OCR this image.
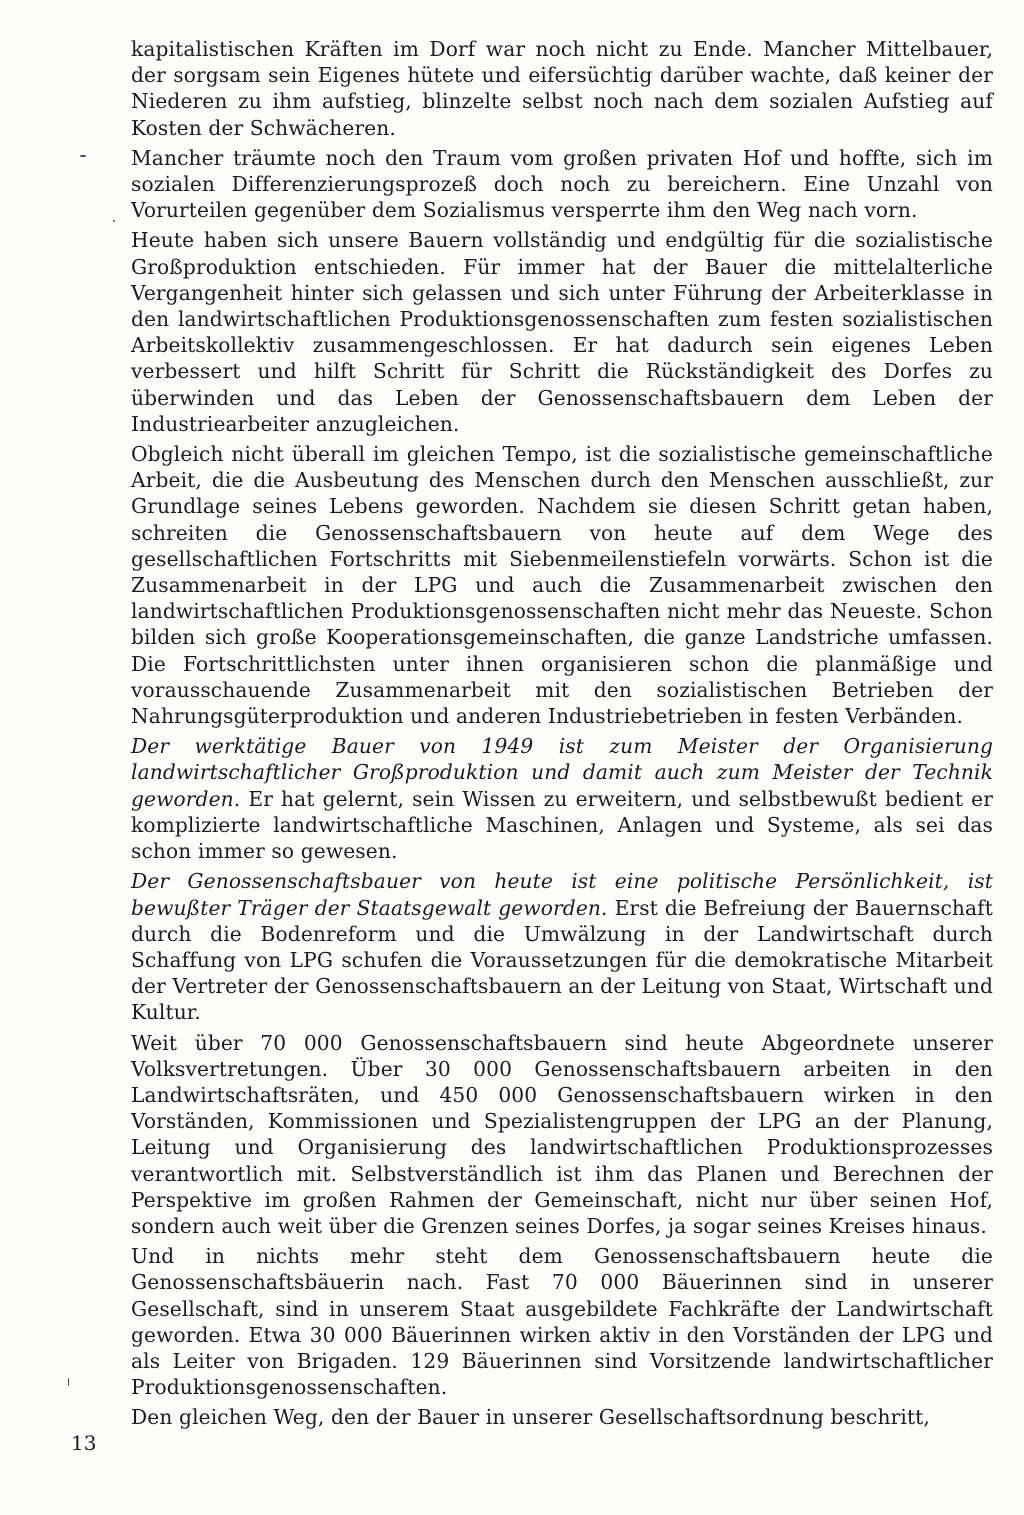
kapitalistischen Kräften im Dorf war noch nicht zu Ende. Mancher Mittelbauer, der sorgsam sein Eigenes hütete und eifersüchtig darüber wachte, daß keiner der Niederen zu ihm aufstieg, blinzelte selbst noch nach dem sozialen Aufstieg auf Kosten der Schwächeren.

Mancher träumte noch den Traum vom großen privaten Hof und hoffte, sich im sozialen Differenzierungsprozeß doch noch zu bereichern. Eine Unzahl von Vorurteilen gegenüber dem Sozialismus versperrte ihm den Weg nach vorn.

Heute haben sich unsere Bauern vollständig und endgültig für die sozialistische Großproduktion entschieden. Für immer hat der Bauer die mittelalterliche Vergangenheit hinter sich gelassen und sich unter Führung der Arbeiterklasse in den landwirtschaftlichen Produktionsgenossenschaften zum festen sozialistischen Arbeitskollektiv zusammengeschlossen. Er hat dadurch sein eigenes Leben verbessert und hilft Schritt für Schritt die Rückständigkeit des Dorfes zu überwinden und das Leben der Genossenschaftsbauern dem Leben der Industriearbeiter anzugleichen.

Obgleich nicht überall im gleichen Tempo, ist die sozialistische gemeinschaftliche Arbeit, die die Ausbeutung des Menschen durch den Menschen ausschließt, zur Grundlage seines Lebens geworden. Nachdem sie diesen Schritt getan haben, schreiten die Genossenschaftsbauern von heute auf dem Wege des gesellschaftlichen Fortschritts mit Siebenmeilenstiefeln vorwärts. Schon ist die Zusammenarbeit in der LPG und auch die Zusammenarbeit zwischen den landwirtschaftlichen Produktionsgenossenschaften nicht mehr das Neueste. Schon bilden sich große Kooperationsgemeinschaften, die ganze Landstriche umfassen. Die Fortschrittlichsten unter ihnen organisieren schon die planmäßige und vorausschauende Zusammenarbeit mit den sozialistischen Betrieben der Nahrungsgüterproduktion und anderen Industriebetrieben in festen Verbänden.

Der werktätige Bauer von 1949 ist zum Meister der Organisierung landwirtschaftlicher Großproduktion und damit auch zum Meister der Technik geworden. Er hat gelernt, sein Wissen zu erweitern, und selbstbewußt bedient er komplizierte landwirtschaftliche Maschinen, Anlagen und Systeme, als sei das schon immer so gewesen.

Der Genossenschaftsbauer von heute ist eine politische Persönlichkeit, ist bewußter Träger der Staatsgewalt geworden. Erst die Befreiung der Bauernschaft durch die Bodenreform und die Umwälzung in der Landwirtschaft durch Schaffung von LPG schufen die Voraussetzungen für die demokratische Mitarbeit der Vertreter der Genossenschaftsbauern an der Leitung von Staat, Wirtschaft und Kultur.

Weit über 70 000 Genossenschaftsbauern sind heute Abgeordnete unserer Volksvertretungen. Über 30 000 Genossenschaftsbauern arbeiten in den Landwirtschaftsräten, und 450 000 Genossenschaftsbauern wirken in den Vorständen, Kommissionen und Spezialistengruppen der LPG an der Planung, Leitung und Organisierung des landwirtschaftlichen Produktionsprozesses verantwortlich mit. Selbstverständlich ist ihm das Planen und Berechnen der Perspektive im großen Rahmen der Gemeinschaft, nicht nur über seinen Hof, sondern auch weit über die Grenzen seines Dorfes, ja sogar seines Kreises hinaus.

Und in nichts mehr steht dem Genossenschaftsbauern heute die Genossenschaftsbäuerin nach. Fast 70 000 Bäuerinnen sind in unserer Gesellschaft, sind in unserem Staat ausgebildete Fachkräfte der Landwirtschaft geworden. Etwa 30 000 Bäuerinnen wirken aktiv in den Vorständen der LPG und als Leiter von Brigaden. 129 Bäuerinnen sind Vorsitzende landwirtschaftlicher Produktionsgenossenschaften.

Den gleichen Weg, den der Bauer in unserer Gesellschaftsordnung beschritt,

13
